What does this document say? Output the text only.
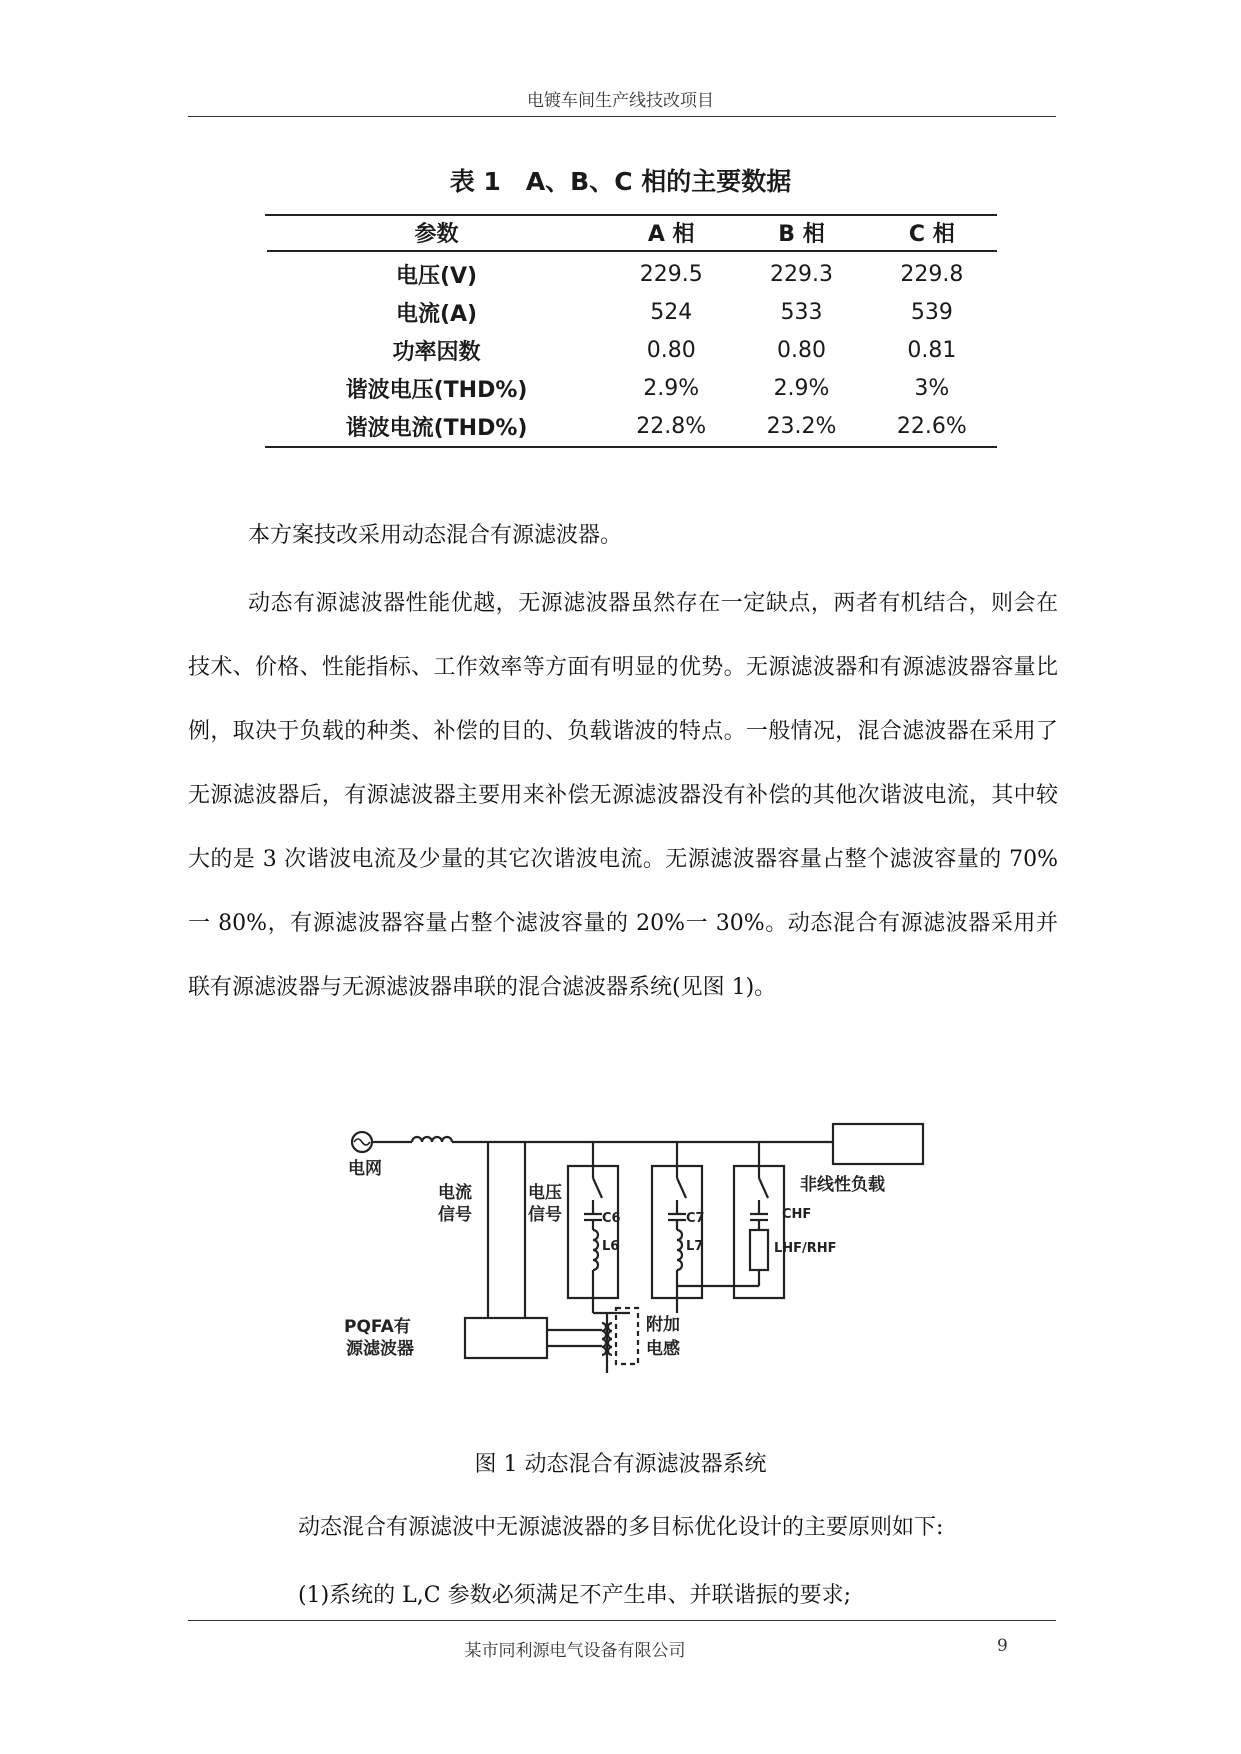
电镀车间生产线技改项目
表 1　A、B、C 相的主要数据
参数	A 相	B 相	C 相
电压(V)	229.5	229.3	229.8
电流(A)	524	533	539
功率因数	0.80	0.80	0.81
谐波电压(THD%)	2.9%	2.9%	3%
谐波电流(THD%)	22.8%	23.2%	22.6%
本方案技改采用动态混合有源滤波器。
动态有源滤波器性能优越，无源滤波器虽然存在一定缺点，两者有机结合，则会在技术、价格、性能指标、工作效率等方面有明显的优势。无源滤波器和有源滤波器容量比例，取决于负载的种类、补偿的目的、负载谐波的特点。一般情况，混合滤波器在采用了无源滤波器后，有源滤波器主要用来补偿无源滤波器没有补偿的其他次谐波电流，其中较大的是 3 次谐波电流及少量的其它次谐波电流。无源滤波器容量占整个滤波容量的 70%一 80%，有源滤波器容量占整个滤波容量的 20%一 30%。动态混合有源滤波器采用并联有源滤波器与无源滤波器串联的混合滤波器系统(见图 1)。
电网
电流
信号
电压
信号
非线性负载
C6
L6
C7
L7
CHF
LHF/RHF
PQFA有
源滤波器
附加
电感
图 1 动态混合有源滤波器系统
动态混合有源滤波中无源滤波器的多目标优化设计的主要原则如下:
(1)系统的 L,C 参数必须满足不产生串、并联谐振的要求;
某市同利源电气设备有限公司	9
